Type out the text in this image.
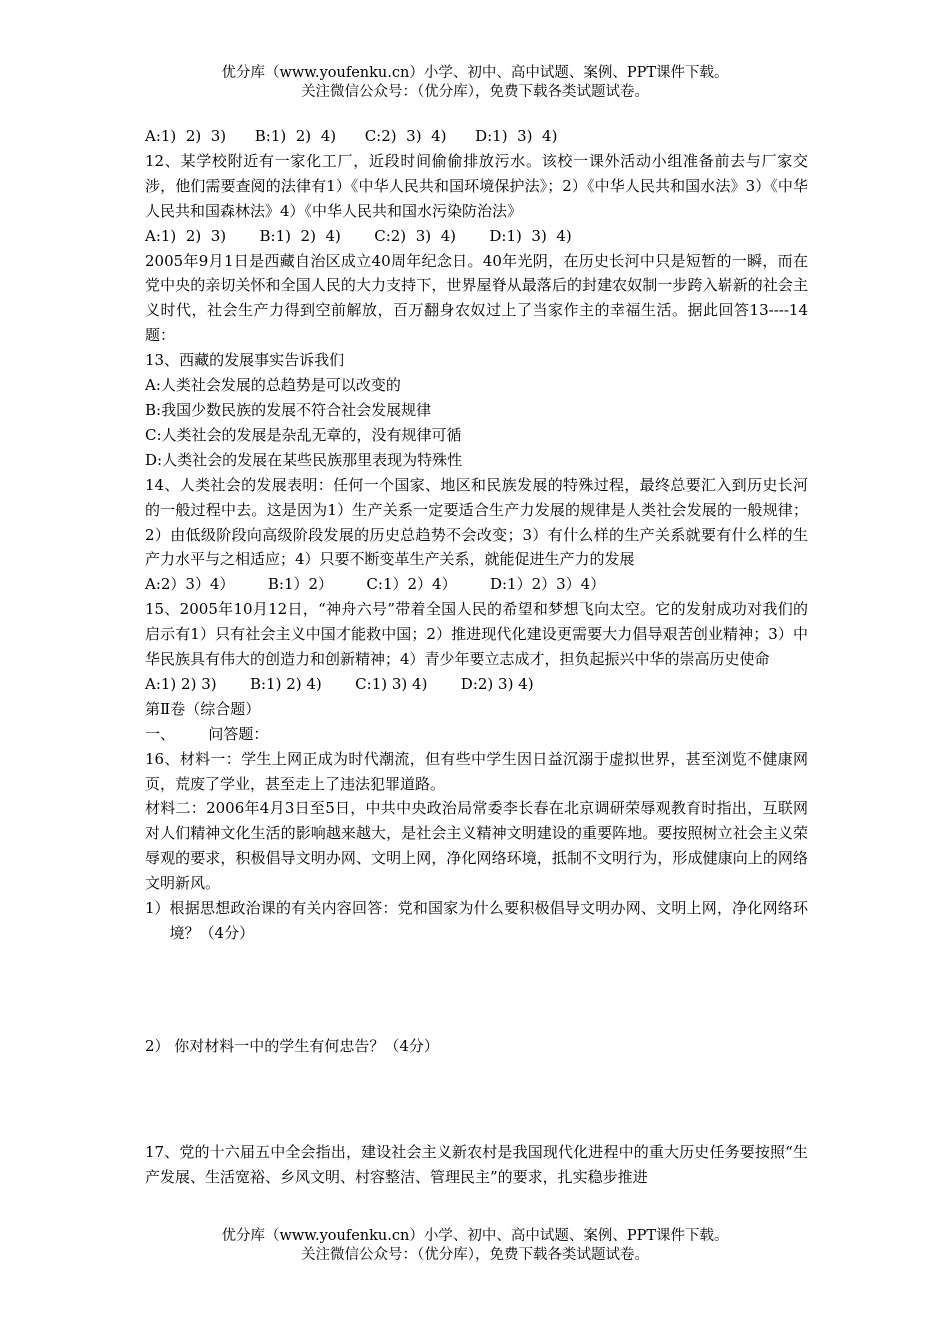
优分库（www.youfenku.cn）小学、初中、高中试题、案例、PPT课件下载。
关注微信公众号：（优分库），免费下载各类试题试卷。

A:1)  2)  3)      B:1)  2)  4)      C:2)  3)  4)      D:1)  3)  4)

12、某学校附近有一家化工厂，近段时间偷偷排放污水。该校一课外活动小组准备前去与厂家交涉，他们需要查阅的法律有1）《中华人民共和国环境保护法》；2）《中华人民共和国水法》3）《中华人民共和国森林法》4）《中华人民共和国水污染防治法》

A:1)  2)  3)       B:1)  2)  4)       C:2)  3)  4)       D:1)  3)  4)

2005年9月1日是西藏自治区成立40周年纪念日。40年光阴，在历史长河中只是短暂的一瞬，而在党中央的亲切关怀和全国人民的大力支持下，世界屋脊从最落后的封建农奴制一步跨入崭新的社会主义时代，社会生产力得到空前解放，百万翻身农奴过上了当家作主的幸福生活。据此回答13----14题：

13、西藏的发展事实告诉我们

A:人类社会发展的总趋势是可以改变的

B:我国少数民族的发展不符合社会发展规律

C:人类社会的发展是杂乱无章的，没有规律可循

D:人类社会的发展在某些民族那里表现为特殊性

14、人类社会的发展表明：任何一个国家、地区和民族发展的特殊过程，最终总要汇入到历史长河的一般过程中去。这是因为1）生产关系一定要适合生产力发展的规律是人类社会发展的一般规律；2）由低级阶段向高级阶段发展的历史总趋势不会改变；3）有什么样的生产关系就要有什么样的生产力水平与之相适应；4）只要不断变革生产关系，就能促进生产力的发展

A:2）3）4）       B:1）2）       C:1）2）4）       D:1）2）3）4）

15、2005年10月12日，“神舟六号”带着全国人民的希望和梦想飞向太空。它的发射成功对我们的启示有1）只有社会主义中国才能救中国；2）推进现代化建设更需要大力倡导艰苦创业精神；3）中华民族具有伟大的创造力和创新精神；4）青少年要立志成才，担负起振兴中华的崇高历史使命

A:1) 2) 3)       B:1) 2) 4)       C:1) 3) 4)       D:2) 3) 4)

第Ⅱ卷（综合题）

一、       问答题：

16、材料一：学生上网正成为时代潮流，但有些中学生因日益沉溺于虚拟世界，甚至浏览不健康网页，荒废了学业，甚至走上了违法犯罪道路。

材料二：2006年4月3日至5日，中共中央政治局常委李长春在北京调研荣辱观教育时指出，互联网对人们精神文化生活的影响越来越大，是社会主义精神文明建设的重要阵地。要按照树立社会主义荣辱观的要求，积极倡导文明办网、文明上网，净化网络环境，抵制不文明行为，形成健康向上的网络文明新风。

1） 根据思想政治课的有关内容回答：党和国家为什么要积极倡导文明办网、文明上网，净化网络环境？（4分）

2） 你对材料一中的学生有何忠告？（4分）

17、党的十六届五中全会指出，建设社会主义新农村是我国现代化进程中的重大历史任务要按照“生产发展、生活宽裕、乡风文明、村容整洁、管理民主”的要求，扎实稳步推进

优分库（www.youfenku.cn）小学、初中、高中试题、案例、PPT课件下载。
关注微信公众号：（优分库），免费下载各类试题试卷。
